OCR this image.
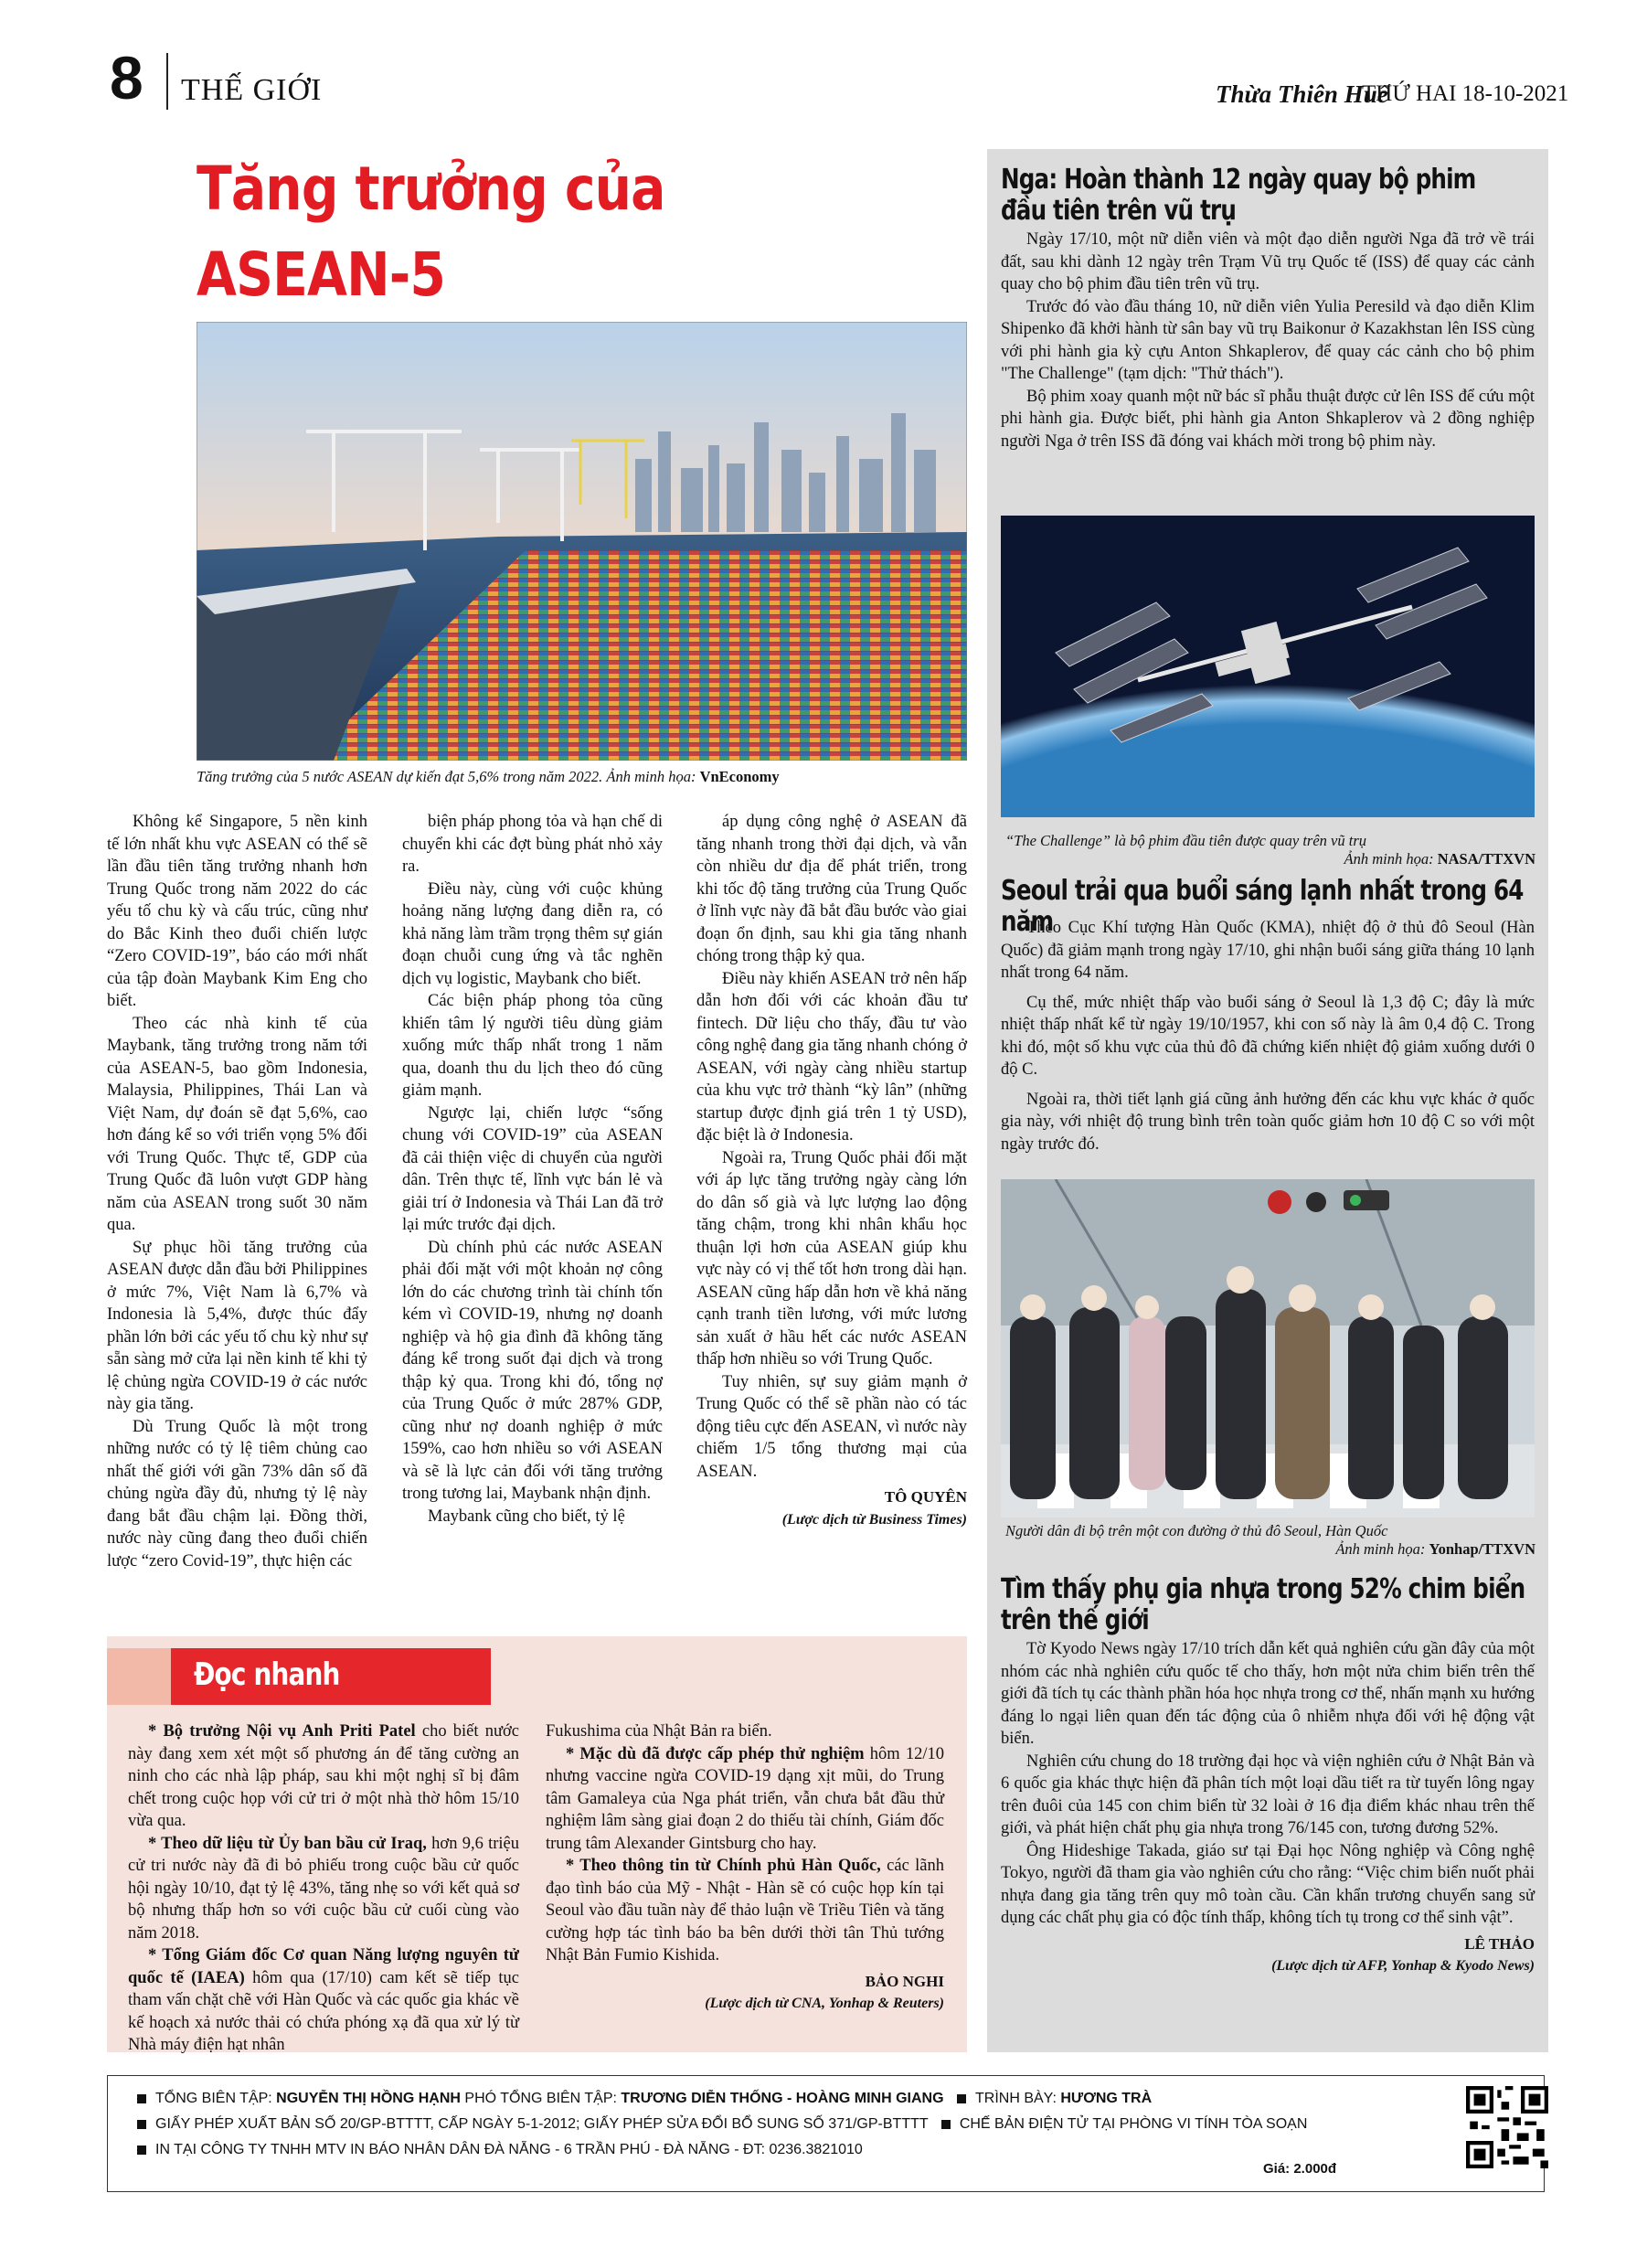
8 THẾ GIỚI	Thừa Thiên Huế
THỨ HAI 18-10-2021
Tăng trưởng của ASEAN-5
Tăng trưởng của 5 nước ASEAN dự kiến đạt 5,6% trong năm 2022. Ảnh minh họa: VnEconomy

Không kể Singapore, 5 nền kinh tế lớn nhất khu vực ASEAN có thể sẽ lần đầu tiên tăng trưởng nhanh hơn Trung Quốc trong năm 2022 do các yếu tố chu kỳ và cấu trúc, cũng như do Bắc Kinh theo đuổi chiến lược “Zero COVID-19”, báo cáo mới nhất của tập đoàn Maybank Kim Eng cho biết.

Theo các nhà kinh tế của Maybank, tăng trưởng trong năm tới của ASEAN-5, bao gồm Indonesia, Malaysia, Philippines, Thái Lan và Việt Nam, dự đoán sẽ đạt 5,6%, cao hơn đáng kể so với triển vọng 5% đối với Trung Quốc. Thực tế, GDP của Trung Quốc đã luôn vượt GDP hàng năm của ASEAN trong suốt 30 năm qua.

Sự phục hồi tăng trưởng của ASEAN được dẫn đầu bởi Philippines ở mức 7%, Việt Nam là 6,7% và Indonesia là 5,4%, được thúc đẩy phần lớn bởi các yếu tố chu kỳ như sự sẵn sàng mở cửa lại nền kinh tế khi tỷ lệ chủng ngừa COVID-19 ở các nước này gia tăng.

Dù Trung Quốc là một trong những nước có tỷ lệ tiêm chủng cao nhất thế giới với gần 73% dân số đã chủng ngừa đầy đủ, nhưng tỷ lệ này đang bắt đầu chậm lại. Đồng thời, nước này cũng đang theo đuổi chiến lược “zero Covid-19”, thực hiện các

biện pháp phong tỏa và hạn chế di chuyển khi các đợt bùng phát nhỏ xảy ra.

Điều này, cùng với cuộc khủng hoảng năng lượng đang diễn ra, có khả năng làm trầm trọng thêm sự gián đoạn chuỗi cung ứng và tắc nghẽn dịch vụ logistic, Maybank cho biết.

Các biện pháp phong tỏa cũng khiến tâm lý người tiêu dùng giảm xuống mức thấp nhất trong 1 năm qua, doanh thu du lịch theo đó cũng giảm mạnh.

Ngược lại, chiến lược “sống chung với COVID-19” của ASEAN đã cải thiện việc di chuyển của người dân. Trên thực tế, lĩnh vực bán lẻ và giải trí ở Indonesia và Thái Lan đã trở lại mức trước đại dịch.

Dù chính phủ các nước ASEAN phải đối mặt với một khoản nợ công lớn do các chương trình tài chính tốn kém vì COVID-19, nhưng nợ doanh nghiệp và hộ gia đình đã không tăng đáng kể trong suốt đại dịch và trong thập kỷ qua. Trong khi đó, tổng nợ của Trung Quốc ở mức 287% GDP, cũng như nợ doanh nghiệp ở mức 159%, cao hơn nhiều so với ASEAN và sẽ là lực cản đối với tăng trưởng trong tương lai, Maybank nhận định.

Maybank cũng cho biết, tỷ lệ

áp dụng công nghệ ở ASEAN đã tăng nhanh trong thời đại dịch, và vẫn còn nhiều dư địa để phát triển, trong khi tốc độ tăng trưởng của Trung Quốc ở lĩnh vực này đã bắt đầu bước vào giai đoạn ổn định, sau khi gia tăng nhanh chóng trong thập kỷ qua.

Điều này khiến ASEAN trở nên hấp dẫn hơn đối với các khoản đầu tư fintech. Dữ liệu cho thấy, đầu tư vào công nghệ đang gia tăng nhanh chóng ở ASEAN, với ngày càng nhiều startup của khu vực trở thành “kỳ lân” (những startup được định giá trên 1 tỷ USD), đặc biệt là ở Indonesia.

Ngoài ra, Trung Quốc phải đối mặt với áp lực tăng trưởng ngày càng lớn do dân số già và lực lượng lao động tăng chậm, trong khi nhân khẩu học thuận lợi hơn của ASEAN giúp khu vực này có vị thế tốt hơn trong dài hạn. ASEAN cũng hấp dẫn hơn về khả năng cạnh tranh tiền lương, với mức lương sản xuất ở hầu hết các nước ASEAN thấp hơn nhiều so với Trung Quốc.

Tuy nhiên, sự suy giảm mạnh ở Trung Quốc có thể sẽ phần nào có tác động tiêu cực đến ASEAN, vì nước này chiếm 1/5 tổng thương mại của ASEAN.

TÔ QUYÊN
(Lược dịch từ Business Times)
Đọc nhanh

* Bộ trưởng Nội vụ Anh Priti Patel cho biết nước này đang xem xét một số phương án để tăng cường an ninh cho các nhà lập pháp, sau khi một nghị sĩ bị đâm chết trong cuộc họp với cử tri ở một nhà thờ hôm 15/10 vừa qua.

* Theo dữ liệu từ Ủy ban bầu cử Iraq, hơn 9,6 triệu cử tri nước này đã đi bỏ phiếu trong cuộc bầu cử quốc hội ngày 10/10, đạt tỷ lệ 43%, tăng nhẹ so với kết quả sơ bộ nhưng thấp hơn so với cuộc bầu cử cuối cùng vào năm 2018.

* Tổng Giám đốc Cơ quan Năng lượng nguyên tử quốc tế (IAEA) hôm qua (17/10) cam kết sẽ tiếp tục tham vấn chặt chẽ với Hàn Quốc và các quốc gia khác về kế hoạch xả nước thải có chứa phóng xạ đã qua xử lý từ Nhà máy điện hạt nhân

Fukushima của Nhật Bản ra biển.

* Mặc dù đã được cấp phép thử nghiệm hôm 12/10 nhưng vaccine ngừa COVID-19 dạng xịt mũi, do Trung tâm Gamaleya của Nga phát triển, vẫn chưa bắt đầu thử nghiệm lâm sàng giai đoạn 2 do thiếu tài chính, Giám đốc trung tâm Alexander Gintsburg cho hay.

* Theo thông tin từ Chính phủ Hàn Quốc, các lãnh đạo tình báo của Mỹ - Nhật - Hàn sẽ có cuộc họp kín tại Seoul vào đầu tuần này để thảo luận về Triều Tiên và tăng cường hợp tác tình báo ba bên dưới thời tân Thủ tướng Nhật Bản Fumio Kishida.

BẢO NGHI
(Lược dịch từ CNA, Yonhap & Reuters)
Nga: Hoàn thành 12 ngày quay bộ phim
đầu tiên trên vũ trụ

Ngày 17/10, một nữ diễn viên và một đạo diễn người Nga đã trở về trái đất, sau khi dành 12 ngày trên Trạm Vũ trụ Quốc tế (ISS) để quay các cảnh quay cho bộ phim đầu tiên trên vũ trụ.

Trước đó vào đầu tháng 10, nữ diễn viên Yulia Peresild và đạo diễn Klim Shipenko đã khởi hành từ sân bay vũ trụ Baikonur ở Kazakhstan lên ISS cùng với phi hành gia kỳ cựu Anton Shkaplerov, để quay các cảnh cho bộ phim "The Challenge" (tạm dịch: "Thử thách").

Bộ phim xoay quanh một nữ bác sĩ phẫu thuật được cử lên ISS để cứu một phi hành gia. Được biết, phi hành gia Anton Shkaplerov và 2 đồng nghiệp người Nga ở trên ISS đã đóng vai khách mời trong bộ phim này.

“The Challenge” là bộ phim đầu tiên được quay trên vũ trụ
Ảnh minh họa: NASA/TTXVN
Seoul trải qua buổi sáng lạnh nhất trong 64 năm

Theo Cục Khí tượng Hàn Quốc (KMA), nhiệt độ ở thủ đô Seoul (Hàn Quốc) đã giảm mạnh trong ngày 17/10, ghi nhận buổi sáng giữa tháng 10 lạnh nhất trong 64 năm.

Cụ thể, mức nhiệt thấp vào buổi sáng ở Seoul là 1,3 độ C; đây là mức nhiệt thấp nhất kể từ ngày 19/10/1957, khi con số này là âm 0,4 độ C. Trong khi đó, một số khu vực của thủ đô đã chứng kiến nhiệt độ giảm xuống dưới 0 độ C.

Ngoài ra, thời tiết lạnh giá cũng ảnh hưởng đến các khu vực khác ở quốc gia này, với nhiệt độ trung bình trên toàn quốc giảm hơn 10 độ C so với một ngày trước đó.

Người dân đi bộ trên một con đường ở thủ đô Seoul, Hàn Quốc
Ảnh minh họa: Yonhap/TTXVN
Tìm thấy phụ gia nhựa trong 52% chim biển
trên thế giới

Tờ Kyodo News ngày 17/10 trích dẫn kết quả nghiên cứu gần đây của một nhóm các nhà nghiên cứu quốc tế cho thấy, hơn một nửa chim biển trên thế giới đã tích tụ các thành phần hóa học nhựa trong cơ thể, nhấn mạnh xu hướng đáng lo ngại liên quan đến tác động của ô nhiễm nhựa đối với hệ động vật biển.

Nghiên cứu chung do 18 trường đại học và viện nghiên cứu ở Nhật Bản và 6 quốc gia khác thực hiện đã phân tích một loại dầu tiết ra từ tuyến lông ngay trên đuôi của 145 con chim biển từ 32 loài ở 16 địa điểm khác nhau trên thế giới, và phát hiện chất phụ gia nhựa trong 76/145 con, tương đương 52%.

Ông Hideshige Takada, giáo sư tại Đại học Nông nghiệp và Công nghệ Tokyo, người đã tham gia vào nghiên cứu cho rằng: “Việc chim biển nuốt phải nhựa đang gia tăng trên quy mô toàn cầu. Cần khẩn trương chuyển sang sử dụng các chất phụ gia có độc tính thấp, không tích tụ trong cơ thể sinh vật”.

LÊ THẢO
(Lược dịch từ AFP, Yonhap & Kyodo News)
TỔNG BIÊN TẬP: NGUYỄN THỊ HỒNG HẠNH PHÓ TỔNG BIÊN TẬP: TRƯƠNG DIỄN THỐNG - HOÀNG MINH GIANG TRÌNH BÀY: HƯƠNG TRÀ
GIẤY PHÉP XUẤT BẢN SỐ 20/GP-BTTTT, CẤP NGÀY 5-1-2012; GIẤY PHÉP SỬA ĐỔI BỔ SUNG SỐ 371/GP-BTTTT CHẾ BẢN ĐIỆN TỬ TẠI PHÒNG VI TÍNH TÒA SOẠN
IN TẠI CÔNG TY TNHH MTV IN BÁO NHÂN DÂN ĐÀ NẴNG - 6 TRẦN PHÚ - ĐÀ NẴNG - ĐT: 0236.3821010
Giá: 2.000đ
